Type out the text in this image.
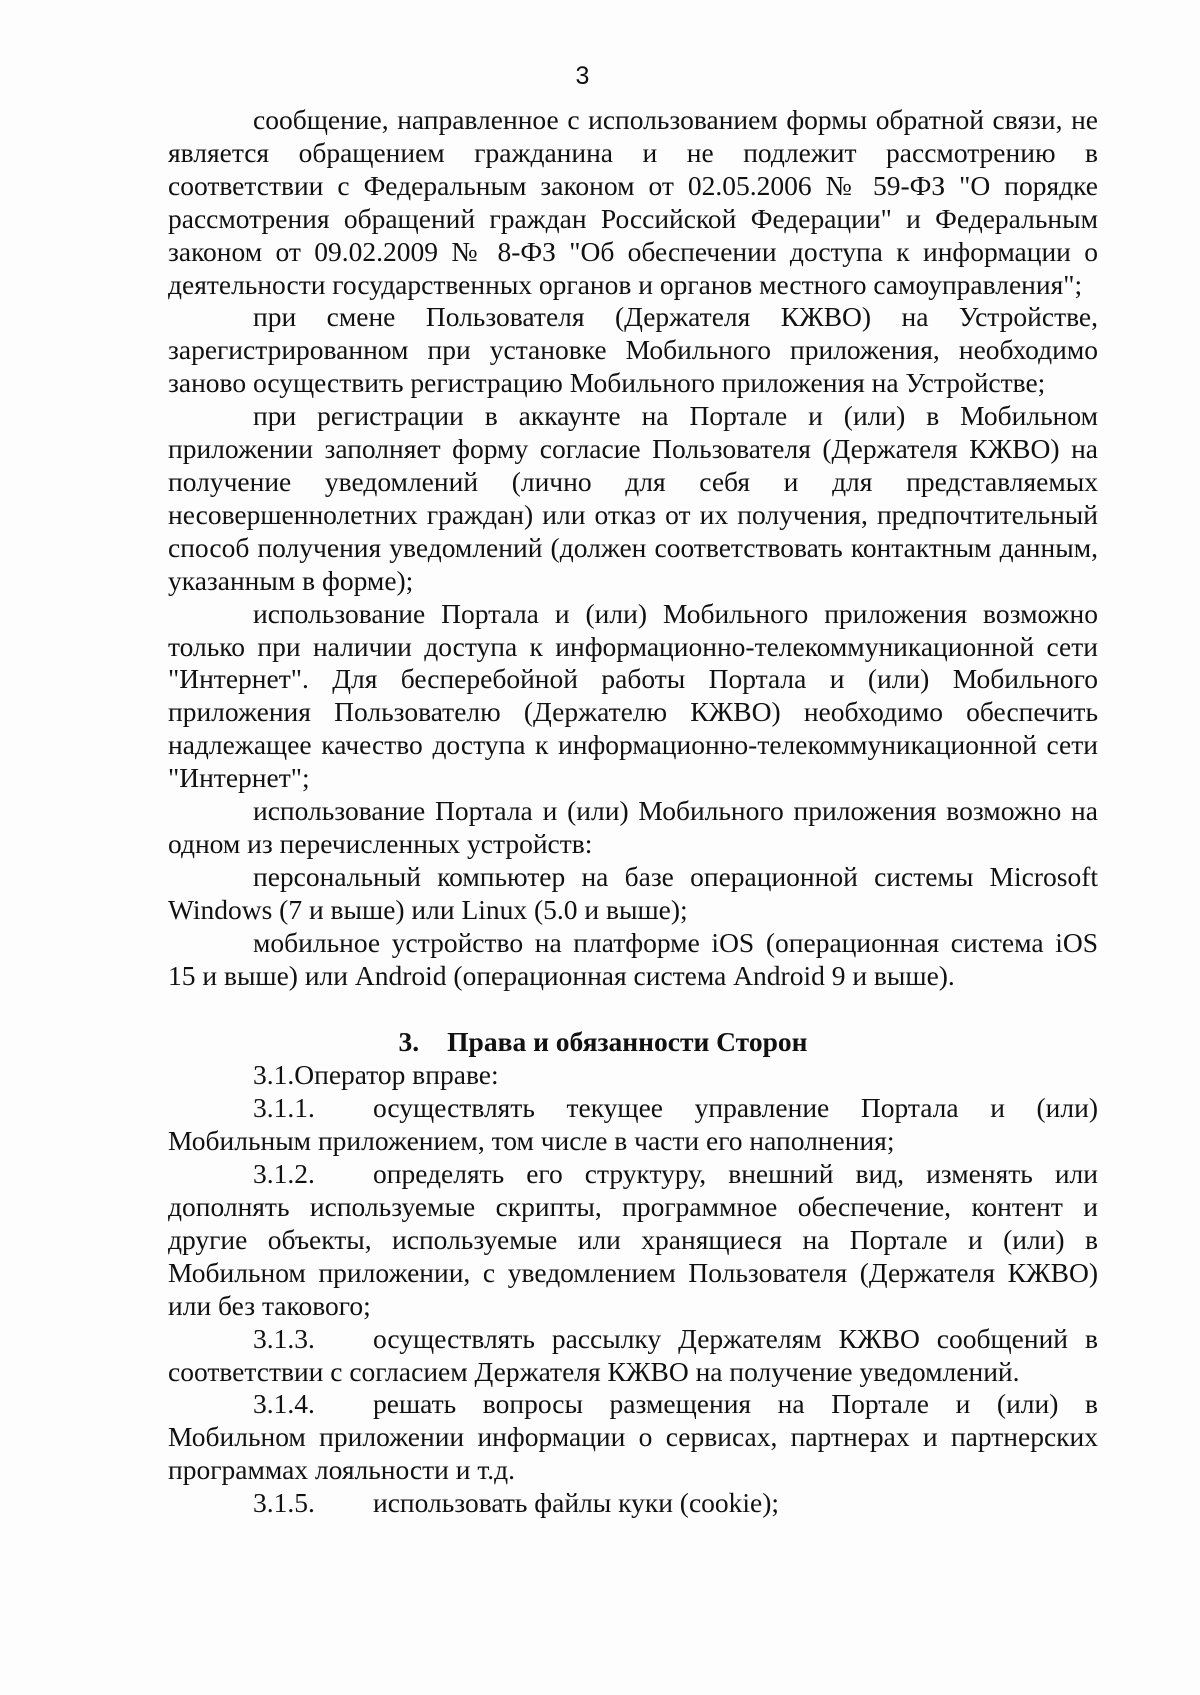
3

сообщение, направленное с использованием формы обратной связи, не является обращением гражданина и не подлежит рассмотрению в соответствии с Федеральным законом от 02.05.2006 № 59-ФЗ "О порядке рассмотрения обращений граждан Российской Федерации" и Федеральным законом от 09.02.2009 № 8-ФЗ "Об обеспечении доступа к информации о деятельности государственных органов и органов местного самоуправления";

при смене Пользователя (Держателя КЖВО) на Устройстве, зарегистрированном при установке Мобильного приложения, необходимо заново осуществить регистрацию Мобильного приложения на Устройстве;

при регистрации в аккаунте на Портале и (или) в Мобильном приложении заполняет форму согласие Пользователя (Держателя КЖВО) на получение уведомлений (лично для себя и для представляемых несовершеннолетних граждан) или отказ от их получения, предпочтительный способ получения уведомлений (должен соответствовать контактным данным, указанным в форме);

использование Портала и (или) Мобильного приложения возможно только при наличии доступа к информационно-телекоммуникационной сети "Интернет". Для бесперебойной работы Портала и (или) Мобильного приложения Пользователю (Держателю КЖВО) необходимо обеспечить надлежащее качество доступа к информационно-телекоммуникационной сети "Интернет";

использование Портала и (или) Мобильного приложения возможно на одном из перечисленных устройств:

персональный компьютер на базе операционной системы Microsoft Windows (7 и выше) или Linux (5.0 и выше);

мобильное устройство на платформе iOS (операционная система iOS 15 и выше) или Android (операционная система Android 9 и выше).

3. Права и обязанности Сторон

3.1.Оператор вправе:

3.1.1. осуществлять текущее управление Портала и (или) Мобильным приложением, том числе в части его наполнения;

3.1.2. определять его структуру, внешний вид, изменять или дополнять используемые скрипты, программное обеспечение, контент и другие объекты, используемые или хранящиеся на Портале и (или) в Мобильном приложении, с уведомлением Пользователя (Держателя КЖВО) или без такового;

3.1.3. осуществлять рассылку Держателям КЖВО сообщений в соответствии с согласием Держателя КЖВО на получение уведомлений.

3.1.4. решать вопросы размещения на Портале и (или) в Мобильном приложении информации о сервисах, партнерах и партнерских программах лояльности и т.д.

3.1.5. использовать файлы куки (cookie);
